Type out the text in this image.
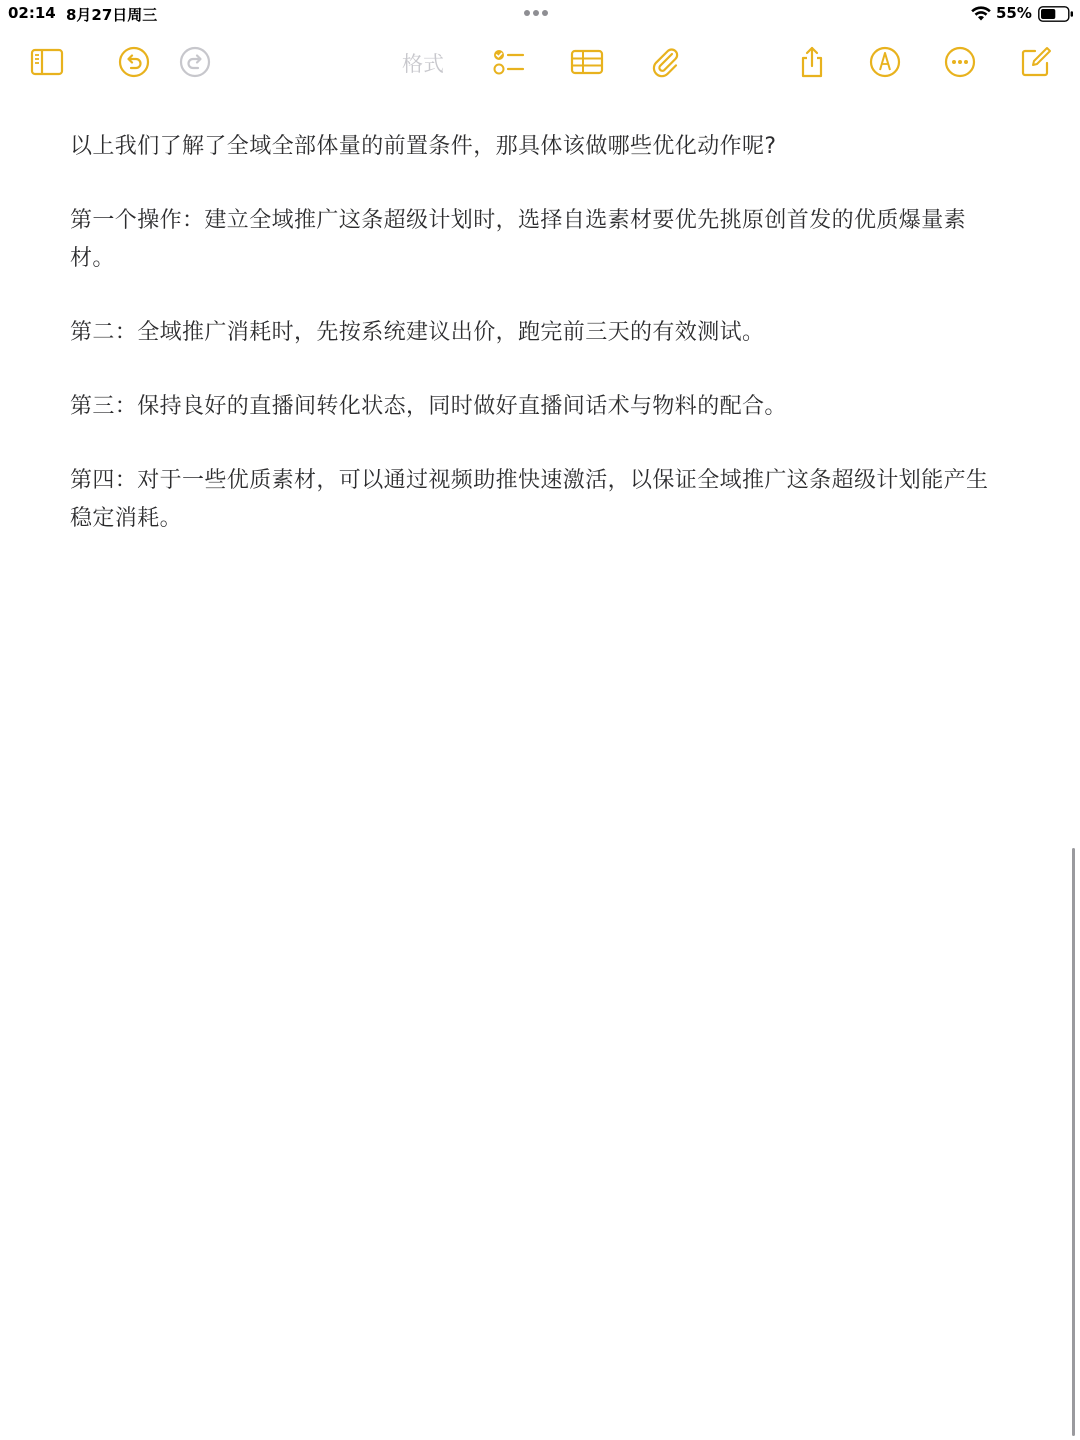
02:14 8月27日周三	55%
格式

以上我们了解了全域全部体量的前置条件，那具体该做哪些优化动作呢?

第一个操作：建立全域推广这条超级计划时，选择自选素材要优先挑原创首发的优质爆量素材。

第二：全域推广消耗时，先按系统建议出价，跑完前三天的有效测试。

第三：保持良好的直播间转化状态，同时做好直播间话术与物料的配合。

第四：对于一些优质素材，可以通过视频助推快速激活，以保证全域推广这条超级计划能产生稳定消耗。
